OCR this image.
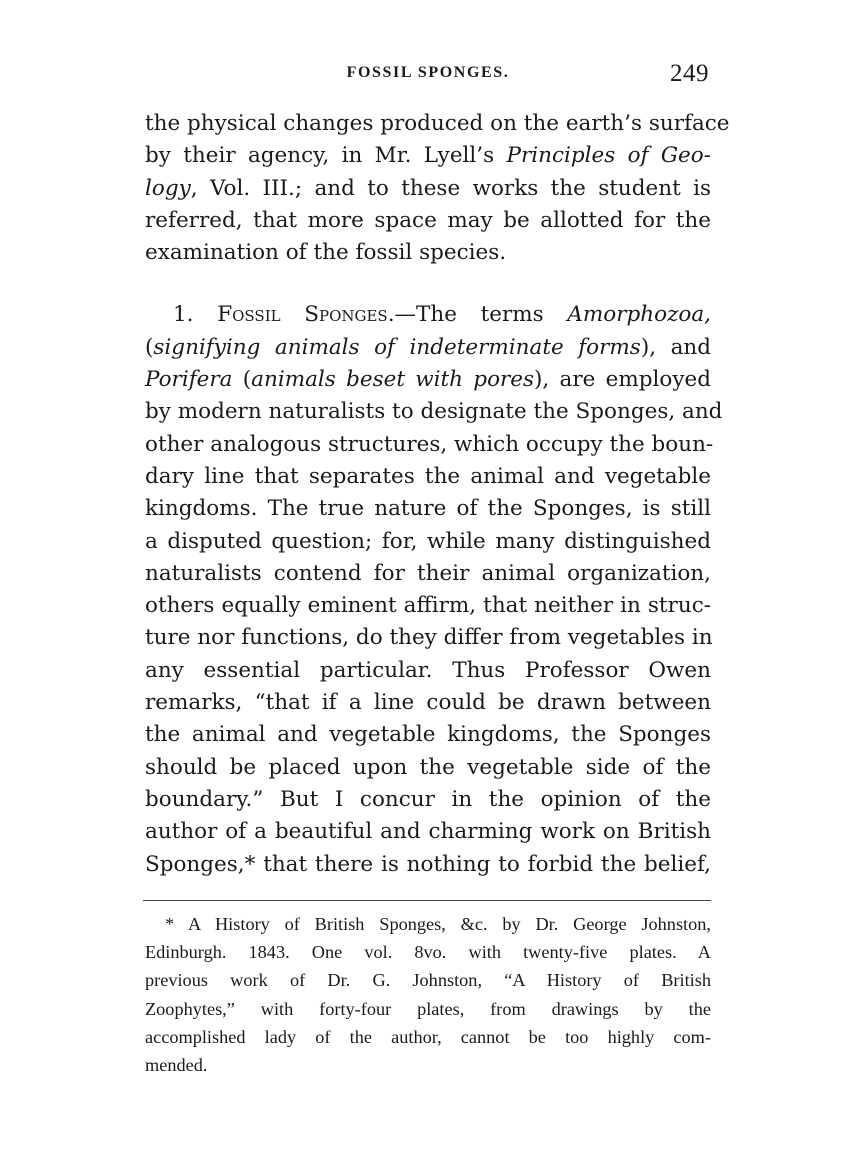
FOSSIL SPONGES.	249
the physical changes produced on the earth’s surface
by their agency, in Mr. Lyell’s Principles of Geo-
logy, Vol. III.; and to these works the student is
referred, that more space may be allotted for the
examination of the fossil species.
1. Fossil Sponges.—The terms Amorphozoa,
(signifying animals of indeterminate forms), and
Porifera (animals beset with pores), are employed
by modern naturalists to designate the Sponges, and
other analogous structures, which occupy the boun-
dary line that separates the animal and vegetable
kingdoms. The true nature of the Sponges, is still
a disputed question; for, while many distinguished
naturalists contend for their animal organization,
others equally eminent affirm, that neither in struc-
ture nor functions, do they differ from vegetables in
any essential particular. Thus Professor Owen
remarks, “that if a line could be drawn between
the animal and vegetable kingdoms, the Sponges
should be placed upon the vegetable side of the
boundary.” But I concur in the opinion of the
author of a beautiful and charming work on British
Sponges,* that there is nothing to forbid the belief,
* A History of British Sponges, &c. by Dr. George Johnston,
Edinburgh. 1843. One vol. 8vo. with twenty-five plates. A
previous work of Dr. G. Johnston, “A History of British
Zoophytes,” with forty-four plates, from drawings by the
accomplished lady of the author, cannot be too highly com-
mended.
